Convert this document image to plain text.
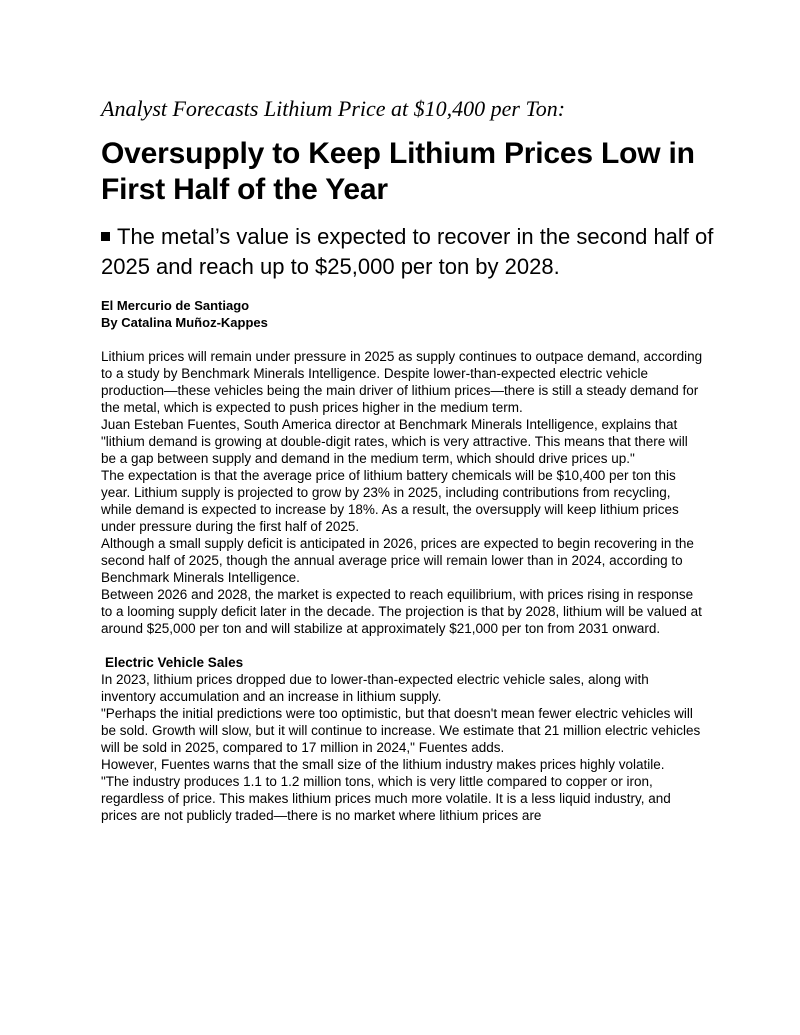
Analyst Forecasts Lithium Price at $10,400 per Ton:
Oversupply to Keep Lithium Prices Low in First Half of the Year

The metal’s value is expected to recover in the second half of 2025 and reach up to $25,000 per ton by 2028.

El Mercurio de Santiago
By Catalina Muñoz-Kappes

Lithium prices will remain under pressure in 2025 as supply continues to outpace demand, according to a study by Benchmark Minerals Intelligence. Despite lower-than-expected electric vehicle production—these vehicles being the main driver of lithium prices—there is still a steady demand for the metal, which is expected to push prices higher in the medium term.

Juan Esteban Fuentes, South America director at Benchmark Minerals Intelligence, explains that "lithium demand is growing at double-digit rates, which is very attractive. This means that there will be a gap between supply and demand in the medium term, which should drive prices up."

The expectation is that the average price of lithium battery chemicals will be $10,400 per ton this year. Lithium supply is projected to grow by 23% in 2025, including contributions from recycling, while demand is expected to increase by 18%. As a result, the oversupply will keep lithium prices under pressure during the first half of 2025.

Although a small supply deficit is anticipated in 2026, prices are expected to begin recovering in the second half of 2025, though the annual average price will remain lower than in 2024, according to Benchmark Minerals Intelligence.

Between 2026 and 2028, the market is expected to reach equilibrium, with prices rising in response to a looming supply deficit later in the decade. The projection is that by 2028, lithium will be valued at around $25,000 per ton and will stabilize at approximately $21,000 per ton from 2031 onward.

Electric Vehicle Sales

In 2023, lithium prices dropped due to lower-than-expected electric vehicle sales, along with inventory accumulation and an increase in lithium supply.

"Perhaps the initial predictions were too optimistic, but that doesn't mean fewer electric vehicles will be sold. Growth will slow, but it will continue to increase. We estimate that 21 million electric vehicles will be sold in 2025, compared to 17 million in 2024," Fuentes adds.

However, Fuentes warns that the small size of the lithium industry makes prices highly volatile.

"The industry produces 1.1 to 1.2 million tons, which is very little compared to copper or iron, regardless of price. This makes lithium prices much more volatile. It is a less liquid industry, and prices are not publicly traded—there is no market where lithium prices are
